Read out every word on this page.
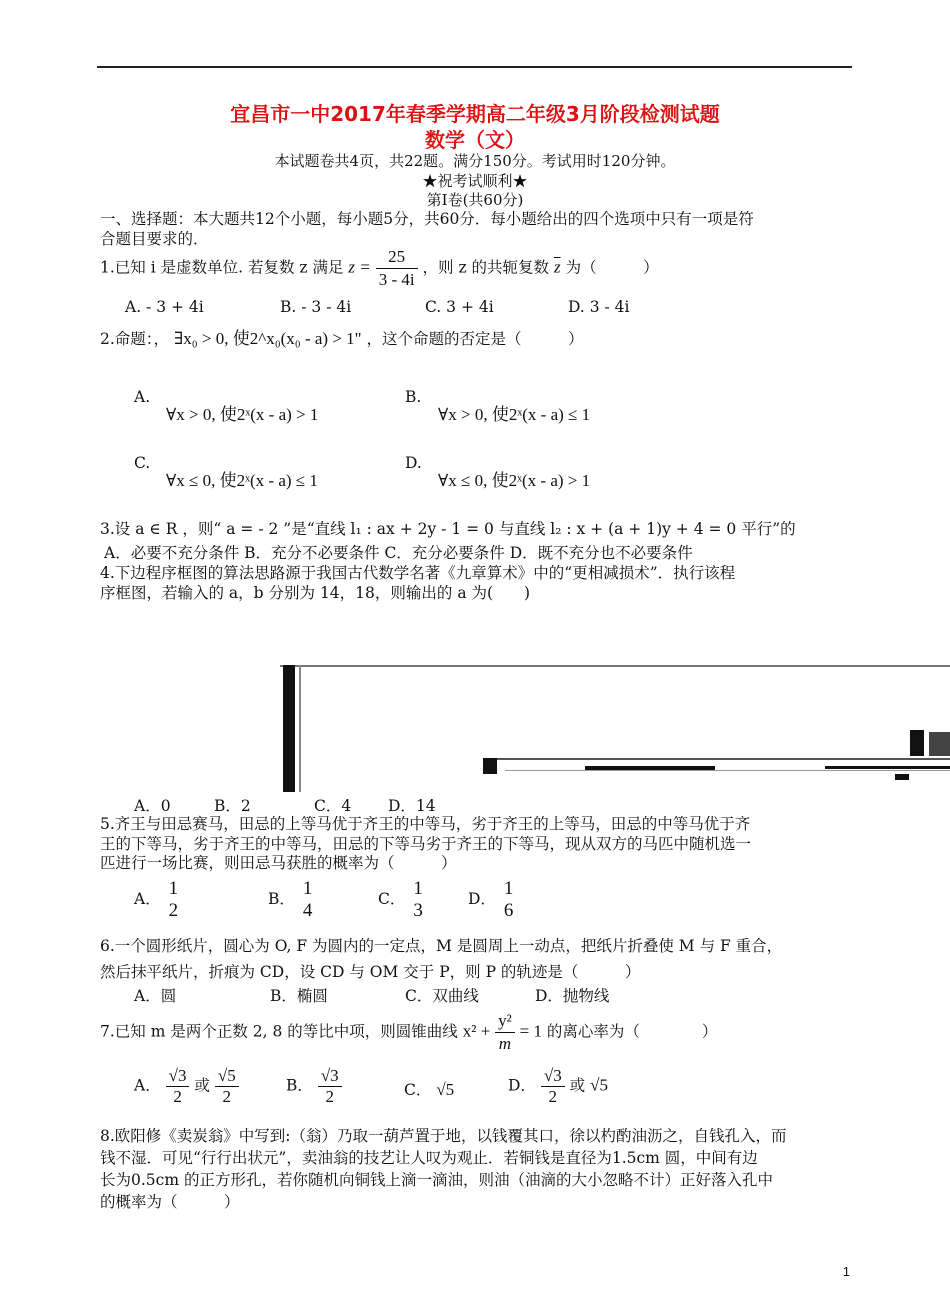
宜昌市一中2017年春季学期高二年级3月阶段检测试题
数学（文）
本试题卷共4页，共22题。满分150分。考试用时120分钟。
★祝考试顺利★
第Ⅰ卷(共60分)
一、选择题：本大题共12个小题，每小题5分，共60分．每小题给出的四个选项中只有一项是符
合题目要求的．
1.已知 i 是虚数单位. 若复数 z 满足 $z = \frac{25}{3 - 4i}$ ，则 z 的共轭复数 $\overline{z}$ 为（　　　）
A. - 3 + 4i	B. - 3 - 4i	C. 3 + 4i	D. 3 - 4i
2.命题：， ∃x₀ > 0, 使2^x₀(x₀ - a) > 1" ，这个命题的否定是（　　　）
A.
∀x > 0, 使2ˣ(x - a) > 1
B.
∀x > 0, 使2ˣ(x - a) ≤ 1
C.
∀x ≤ 0, 使2ˣ(x - a) ≤ 1
D.
∀x ≤ 0, 使2ˣ(x - a) > 1
3.设 a ∈ R ，则“ a = - 2 ”是“直线 l₁ : ax + 2y - 1 = 0 与直线 l₂ : x + (a + 1)y + 4 = 0 平行”的
A．必要不充分条件 B．充分不必要条件 C．充分必要条件 D．既不充分也不必要条件
4.下边程序框图的算法思路源于我国古代数学名著《九章算术》中的“更相减损术”．执行该程
序框图，若输入的 a，b 分别为 14，18，则输出的 a 为(　　)
A．0	B．2	C．4 D．14
5.齐王与田忌赛马，田忌的上等马优于齐王的中等马，劣于齐王的上等马，田忌的中等马优于齐
王的下等马，劣于齐王的中等马，田忌的下等马劣于齐王的下等马，现从双方的马匹中随机选一
匹进行一场比赛，则田忌马获胜的概率为（　　　）
A． 1
2
B． 1
4
C． 1
3
D． 1
6
6.一个圆形纸片，圆心为 O, F 为圆内的一定点，M 是圆周上一动点，把纸片折叠使 M 与 F 重合，
然后抹平纸片，折痕为 CD，设 CD 与 OM 交于 P，则 P 的轨迹是（　　　）
A．圆	B．椭圆	C．双曲线	D．抛物线
7.已知 m 是两个正数 2, 8 的等比中项，则圆锥曲线 $x^2 + \frac{\text{y²}}{m} = 1$ 的离心率为（　　　　）
A． $\frac{√3}{2}$ 或 $\frac{√5}{2}$	B． $\frac{√3}{2}$	C． √5	D． $\frac{√3}{2}$ 或 √5
8.欧阳修《卖炭翁》中写到:（翁）乃取一葫芦置于地，以钱覆其口，徐以杓酌油沥之，自钱孔入，而
钱不湿．可见“行行出状元”，卖油翁的技艺让人叹为观止．若铜钱是直径为1.5cm 圆，中间有边
长为0.5cm 的正方形孔，若你随机向铜钱上滴一滴油，则油（油滴的大小忽略不计）正好落入孔中
的概率为（　　　）
1
